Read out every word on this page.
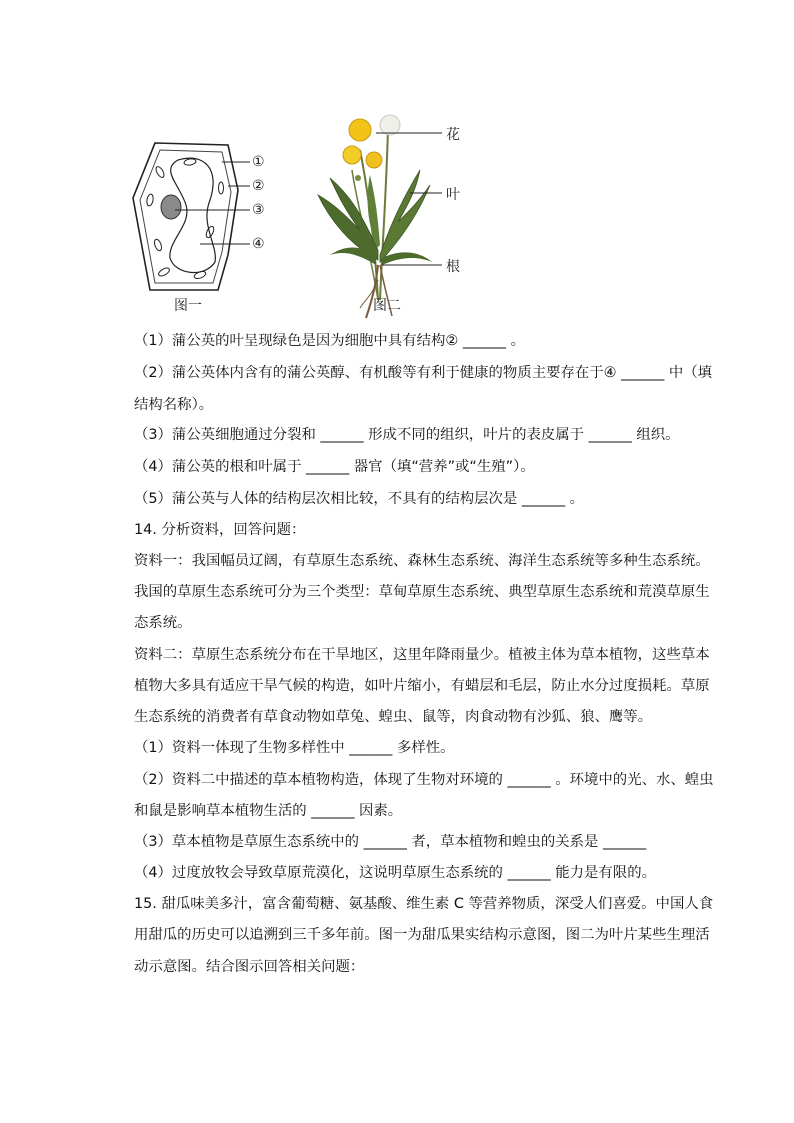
①
②
③
④
花
叶
根
图一	图二
（1）蒲公英的叶呈现绿色是因为细胞中具有结构② ______ 。
（2）蒲公英体内含有的蒲公英醇、有机酸等有利于健康的物质主要存在于④ ______ 中（填
结构名称）。
（3）蒲公英细胞通过分裂和 ______ 形成不同的组织，叶片的表皮属于 ______ 组织。
（4）蒲公英的根和叶属于 ______ 器官（填“营养”或“生殖”）。
（5）蒲公英与人体的结构层次相比较，不具有的结构层次是 ______ 。
14. 分析资料，回答问题：
资料一：我国幅员辽阔，有草原生态系统、森林生态系统、海洋生态系统等多种生态系统。
我国的草原生态系统可分为三个类型：草甸草原生态系统、典型草原生态系统和荒漠草原生
态系统。
资料二：草原生态系统分布在干旱地区，这里年降雨量少。植被主体为草本植物，这些草本
植物大多具有适应干旱气候的构造，如叶片缩小，有蜡层和毛层，防止水分过度损耗。草原
生态系统的消费者有草食动物如草兔、蝗虫、鼠等，肉食动物有沙狐、狼、鹰等。
（1）资料一体现了生物多样性中 ______ 多样性。
（2）资料二中描述的草本植物构造，体现了生物对环境的 ______ 。环境中的光、水、蝗虫
和鼠是影响草本植物生活的 ______ 因素。
（3）草本植物是草原生态系统中的 ______ 者，草本植物和蝗虫的关系是 ______
（4）过度放牧会导致草原荒漠化，这说明草原生态系统的 ______ 能力是有限的。
15. 甜瓜味美多汁，富含葡萄糖、氨基酸、维生素 C 等营养物质，深受人们喜爱。中国人食
用甜瓜的历史可以追溯到三千多年前。图一为甜瓜果实结构示意图，图二为叶片某些生理活
动示意图。结合图示回答相关问题：
